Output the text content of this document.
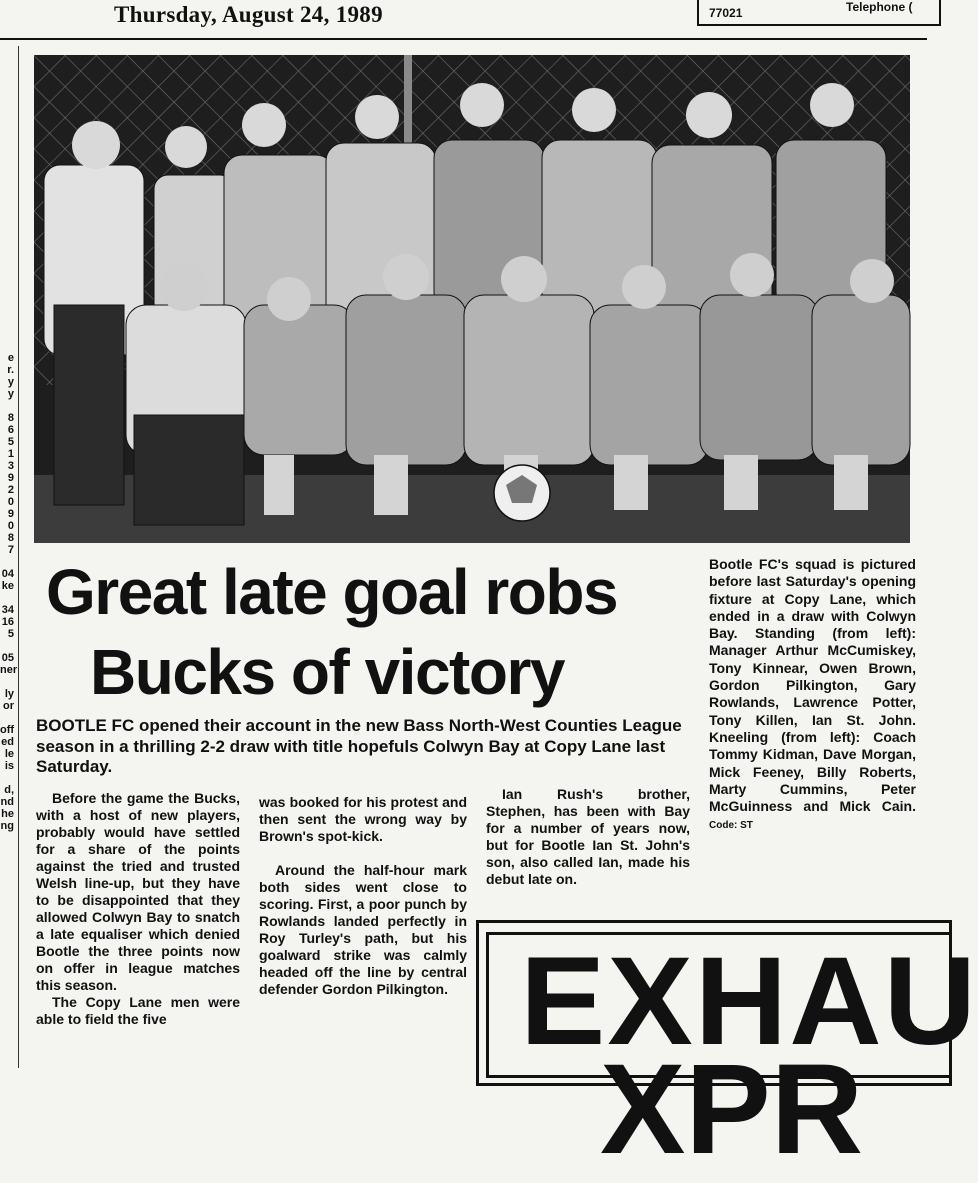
Thursday, August 24, 1989	77021	Telephone (
e
r.
y
y

8
6
5
1
3
9
2
0
9
0
8
7

04
ke

34
16
5

05
ner

ly
or

off
ed
le
is

d,
nd
he
ng
Great late goal robs
Bucks of victory
Bootle FC's squad is pictured before last Saturday's opening fixture at Copy Lane, which ended in a draw with Colwyn Bay. Standing (from left): Manager Arthur McCumiskey, Tony Kinnear, Owen Brown, Gordon Pilkington, Gary Rowlands, Lawrence Potter, Tony Killen, Ian St. John. Kneeling (from left): Coach Tommy Kidman, Dave Morgan, Mick Feeney, Billy Roberts, Marty Cummins, Peter McGuinness and Mick Cain. Code: ST
BOOTLE FC opened their account in the new Bass North-West Counties League season in a thrilling 2-2 draw with title hopefuls Colwyn Bay at Copy Lane last Saturday.

Before the game the Bucks, with a host of new players, probably would have settled for a share of the points against the tried and trusted Welsh line-up, but they have to be disappointed that they allowed Colwyn Bay to snatch a late equaliser which denied Bootle the three points now on offer in league matches this season.

The Copy Lane men were able to field the five

was booked for his protest and then sent the wrong way by Brown's spot-kick.

Around the half-hour mark both sides went close to scoring. First, a poor punch by Rowlands landed perfectly in Roy Turley's path, but his goalward strike was calmly headed off the line by central defender Gordon Pilkington.

Ian Rush's brother, Stephen, has been with Bay for a number of years now, but for Bootle Ian St. John's son, also called Ian, made his debut late on.

EXHAU
XPR
